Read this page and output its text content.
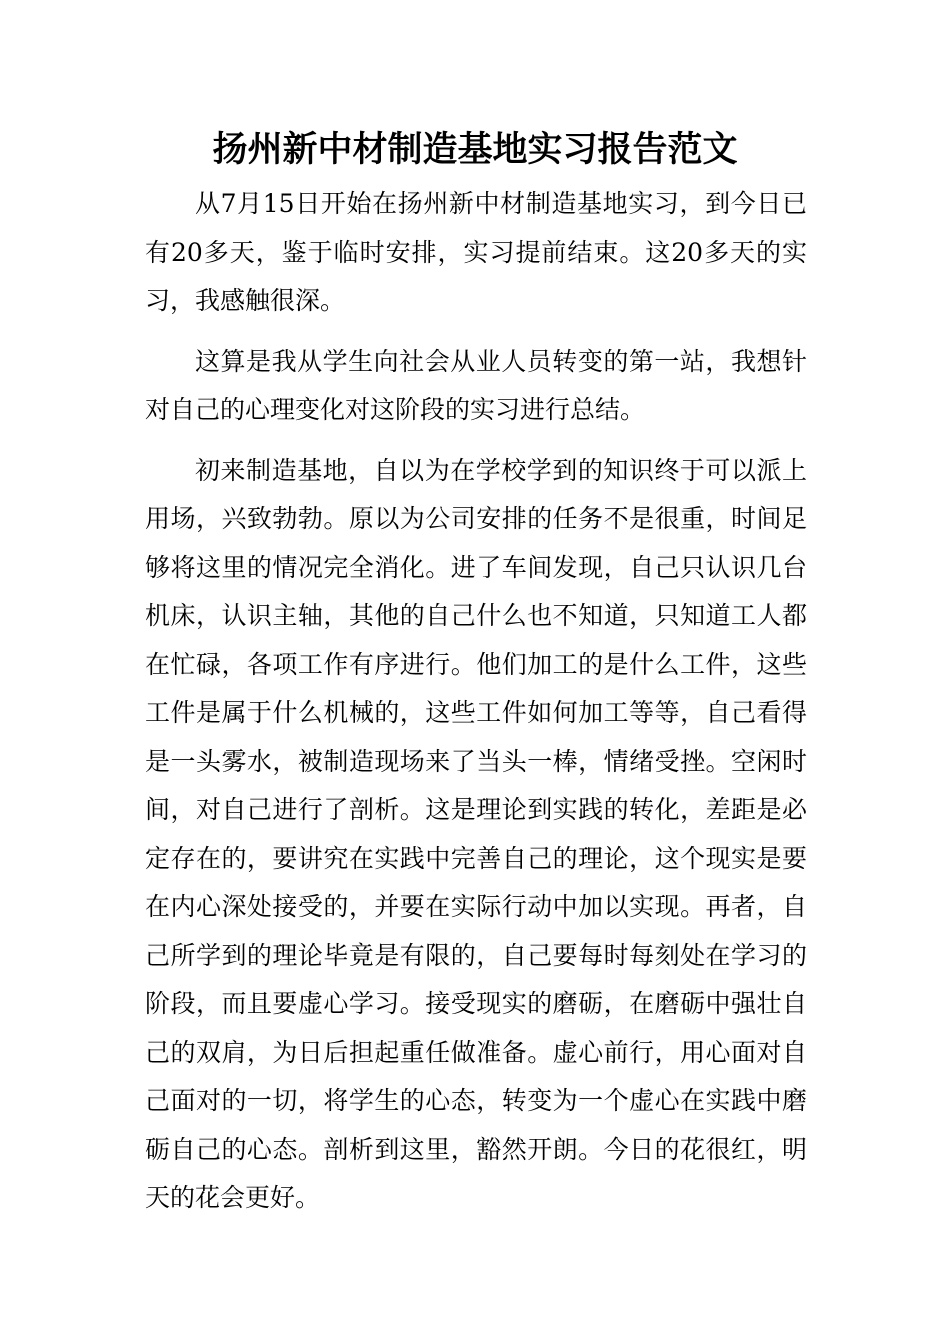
扬州新中材制造基地实习报告范文

从7月15日开始在扬州新中材制造基地实习，到今日已有20多天，鉴于临时安排，实习提前结束。这20多天的实习，我感触很深。

这算是我从学生向社会从业人员转变的第一站，我想针对自己的心理变化对这阶段的实习进行总结。

初来制造基地，自以为在学校学到的知识终于可以派上用场，兴致勃勃。原以为公司安排的任务不是很重，时间足够将这里的情况完全消化。进了车间发现，自己只认识几台机床，认识主轴，其他的自己什么也不知道，只知道工人都在忙碌，各项工作有序进行。他们加工的是什么工件，这些工件是属于什么机械的，这些工件如何加工等等，自己看得是一头雾水，被制造现场来了当头一棒，情绪受挫。空闲时间，对自己进行了剖析。这是理论到实践的转化，差距是必定存在的，要讲究在实践中完善自己的理论，这个现实是要在内心深处接受的，并要在实际行动中加以实现。再者，自己所学到的理论毕竟是有限的，自己要每时每刻处在学习的阶段，而且要虚心学习。接受现实的磨砺，在磨砺中强壮自己的双肩，为日后担起重任做准备。虚心前行，用心面对自己面对的一切，将学生的心态，转变为一个虚心在实践中磨砺自己的心态。剖析到这里，豁然开朗。今日的花很红，明天的花会更好。
